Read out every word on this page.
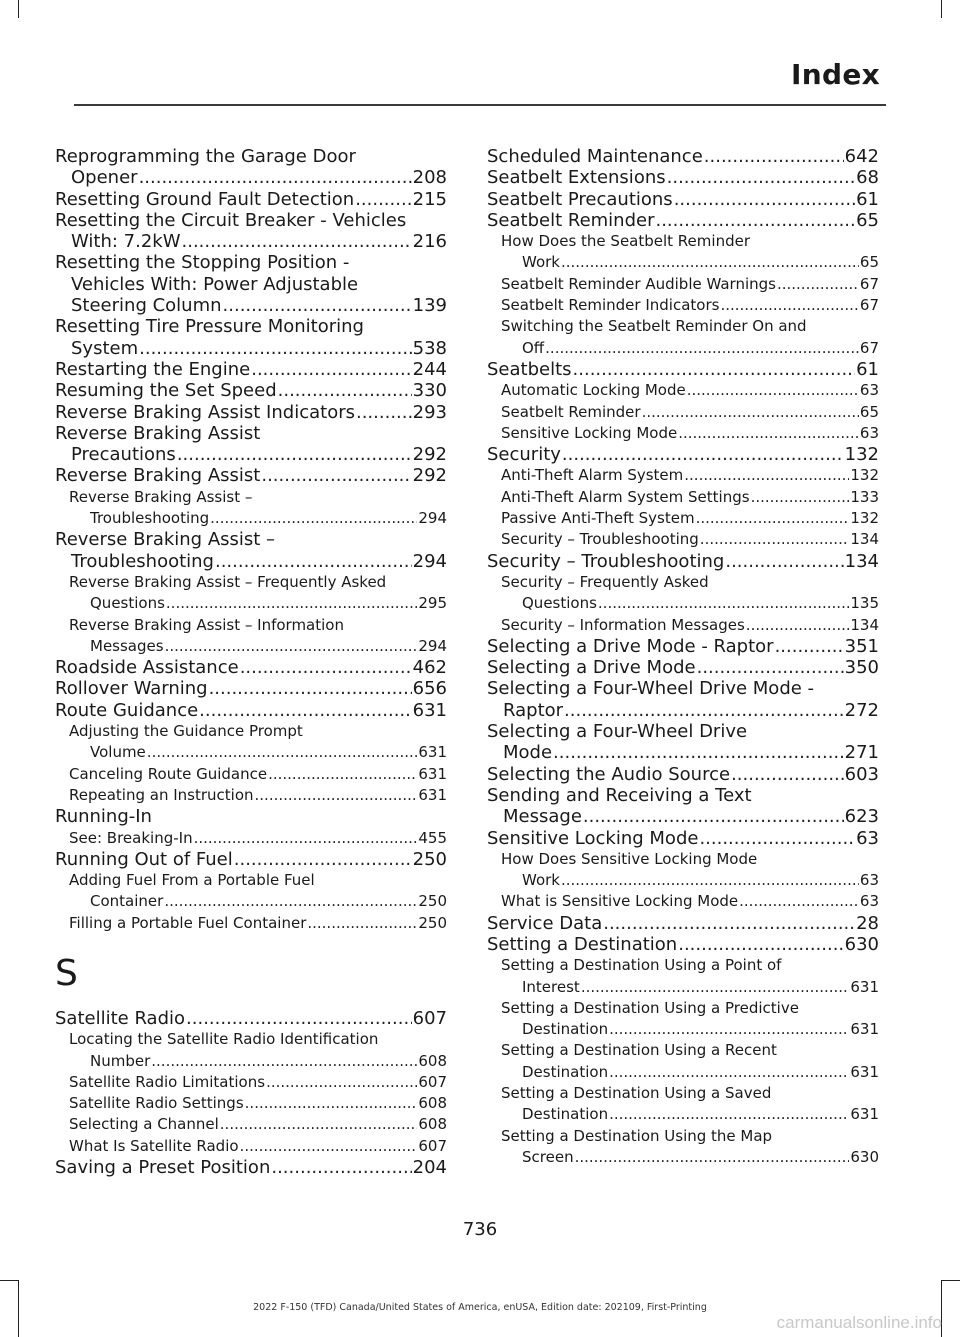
Index
Reprogramming the Garage Door
Opener .....	208
Resetting Ground Fault Detection .....	215
Resetting the Circuit Breaker - Vehicles
With: 7.2kW .....	216
Resetting the Stopping Position -
Vehicles With: Power Adjustable
Steering Column .....	139
Resetting Tire Pressure Monitoring
System .....	538
Restarting the Engine .....	244
Resuming the Set Speed .....	330
Reverse Braking Assist Indicators .....	293
Reverse Braking Assist
Precautions .....	292
Reverse Braking Assist .....	292
Reverse Braking Assist –
Troubleshooting .....	294
Reverse Braking Assist –
Troubleshooting .....	294
Reverse Braking Assist – Frequently Asked
Questions .....	295
Reverse Braking Assist – Information
Messages .....	294
Roadside Assistance .....	462
Rollover Warning .....	656
Route Guidance .....	631
Adjusting the Guidance Prompt
Volume .....	631
Canceling Route Guidance .....	631
Repeating an Instruction .....	631
Running-In
See: Breaking-In .....	455
Running Out of Fuel .....	250
Adding Fuel From a Portable Fuel
Container .....	250
Filling a Portable Fuel Container .....	250
S
Satellite Radio .....	607
Locating the Satellite Radio Identification
Number .....	608
Satellite Radio Limitations .....	607
Satellite Radio Settings .....	608
Selecting a Channel .....	608
What Is Satellite Radio .....	607
Saving a Preset Position .....	204
Scheduled Maintenance .....	642
Seatbelt Extensions .....	68
Seatbelt Precautions .....	61
Seatbelt Reminder .....	65
How Does the Seatbelt Reminder
Work .....	65
Seatbelt Reminder Audible Warnings .....	67
Seatbelt Reminder Indicators .....	67
Switching the Seatbelt Reminder On and
Off .....	67
Seatbelts .....	61
Automatic Locking Mode .....	63
Seatbelt Reminder .....	65
Sensitive Locking Mode .....	63
Security .....	132
Anti-Theft Alarm System .....	132
Anti-Theft Alarm System Settings .....	133
Passive Anti-Theft System .....	132
Security – Troubleshooting .....	134
Security – Troubleshooting .....	134
Security – Frequently Asked
Questions .....	135
Security – Information Messages .....	134
Selecting a Drive Mode - Raptor .....	351
Selecting a Drive Mode .....	350
Selecting a Four-Wheel Drive Mode -
Raptor .....	272
Selecting a Four-Wheel Drive
Mode .....	271
Selecting the Audio Source .....	603
Sending and Receiving a Text
Message .....	623
Sensitive Locking Mode .....	63
How Does Sensitive Locking Mode
Work .....	63
What is Sensitive Locking Mode .....	63
Service Data .....	28
Setting a Destination .....	630
Setting a Destination Using a Point of
Interest .....	631
Setting a Destination Using a Predictive
Destination .....	631
Setting a Destination Using a Recent
Destination .....	631
Setting a Destination Using a Saved
Destination .....	631
Setting a Destination Using the Map
Screen .....	630
736
2022 F-150 (TFD) Canada/United States of America, enUSA, Edition date: 202109, First-Printing
carmanualsonline.info
